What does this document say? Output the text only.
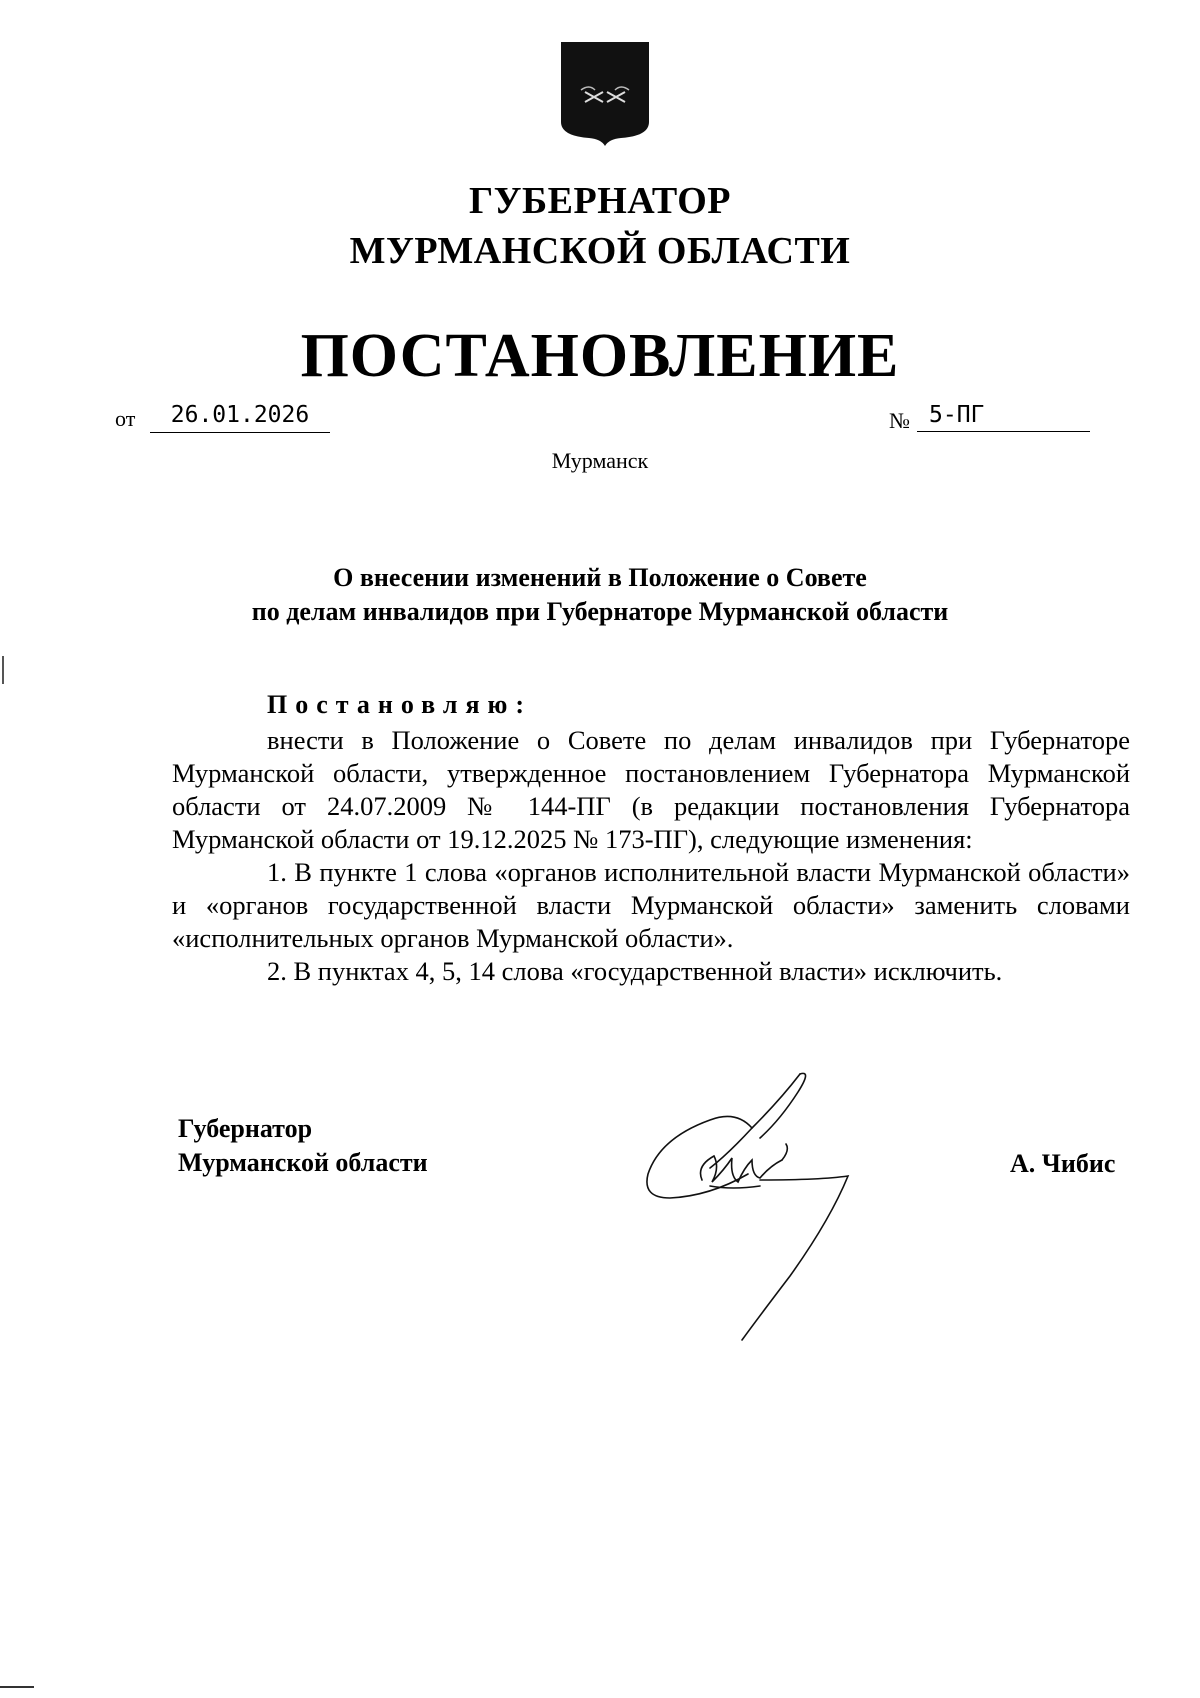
ГУБЕРНАТОР
МУРМАНСКОЙ ОБЛАСТИ
ПОСТАНОВЛЕНИЕ
от	26.01.2026	№ 5-ПГ
Мурманск
О внесении изменений в Положение о Совете
по делам инвалидов при Губернаторе Мурманской области
Постановляю:

внести в Положение о Совете по делам инвалидов при Губернаторе Мурманской области, утвержденное постановлением Губернатора Мурманской области от 24.07.2009 № 144-ПГ (в редакции постановления Губернатора Мурманской области от 19.12.2025 № 173-ПГ), следующие изменения:

1. В пункте 1 слова «органов исполнительной власти Мурманской области» и «органов государственной власти Мурманской области» заменить словами «исполнительных органов Мурманской области».

2. В пунктах 4, 5, 14 слова «государственной власти» исключить.

Губернатор
Мурманской области	А. Чибис
